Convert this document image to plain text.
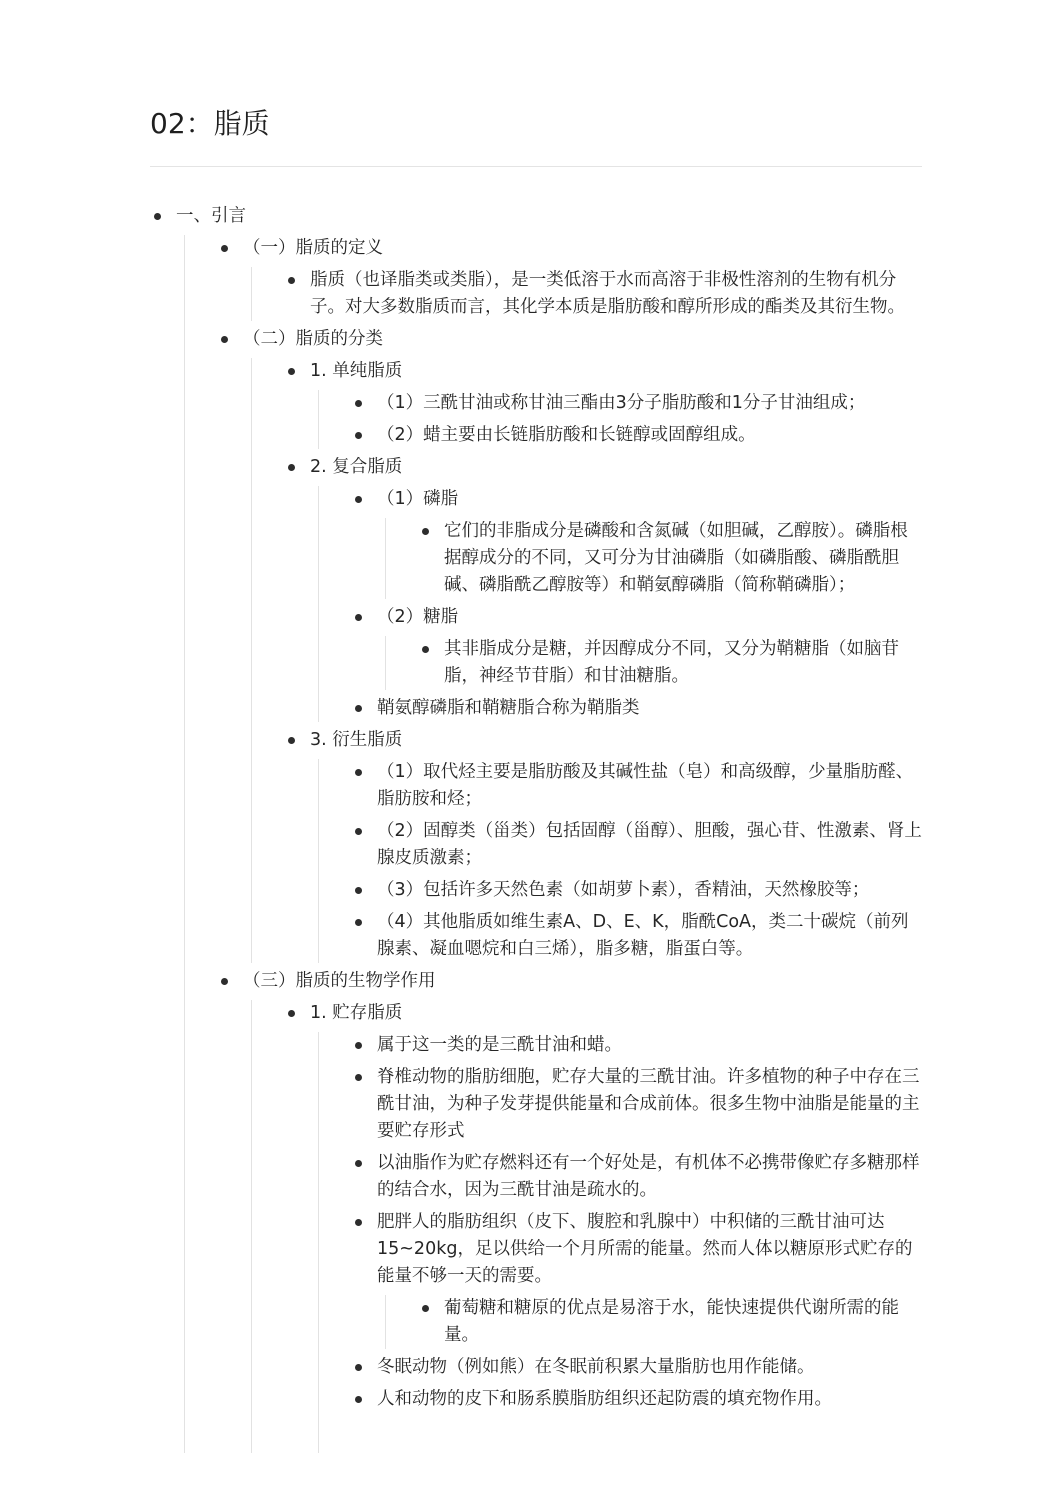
02：脂质
一、引言
（一）脂质的定义
脂质（也译脂类或类脂），是一类低溶于水而高溶于非极性溶剂的生物有机分子。对大多数脂质而言，其化学本质是脂肪酸和醇所形成的酯类及其衍生物。
（二）脂质的分类
1. 单纯脂质
（1）三酰甘油或称甘油三酯由3分子脂肪酸和1分子甘油组成；
（2）蜡主要由长链脂肪酸和长链醇或固醇组成。
2. 复合脂质
（1）磷脂
它们的非脂成分是磷酸和含氮碱（如胆碱，乙醇胺）。磷脂根据醇成分的不同，又可分为甘油磷脂（如磷脂酸、磷脂酰胆碱、磷脂酰乙醇胺等）和鞘氨醇磷脂（简称鞘磷脂）；
（2）糖脂
其非脂成分是糖，并因醇成分不同，又分为鞘糖脂（如脑苷脂，神经节苷脂）和甘油糖脂。
鞘氨醇磷脂和鞘糖脂合称为鞘脂类
3. 衍生脂质
（1）取代烃主要是脂肪酸及其碱性盐（皂）和高级醇，少量脂肪醛、脂肪胺和烃；
（2）固醇类（甾类）包括固醇（甾醇）、胆酸，强心苷、性激素、肾上腺皮质激素；
（3）包括许多天然色素（如胡萝卜素），香精油，天然橡胶等；
（4）其他脂质如维生素A、D、E、K，脂酰CoA，类二十碳烷（前列腺素、凝血嗯烷和白三烯），脂多糖，脂蛋白等。
（三）脂质的生物学作用
1. 贮存脂质
属于这一类的是三酰甘油和蜡。
脊椎动物的脂肪细胞，贮存大量的三酰甘油。许多植物的种子中存在三酰甘油，为种子发芽提供能量和合成前体。很多生物中油脂是能量的主要贮存形式
以油脂作为贮存燃料还有一个好处是，有机体不必携带像贮存多糖那样的结合水，因为三酰甘油是疏水的。
肥胖人的脂肪组织（皮下、腹腔和乳腺中）中积储的三酰甘油可达15~20kg，足以供给一个月所需的能量。然而人体以糖原形式贮存的能量不够一天的需要。
葡萄糖和糖原的优点是易溶于水，能快速提供代谢所需的能量。
冬眠动物（例如熊）在冬眠前积累大量脂肪也用作能储。
人和动物的皮下和肠系膜脂肪组织还起防震的填充物作用。
